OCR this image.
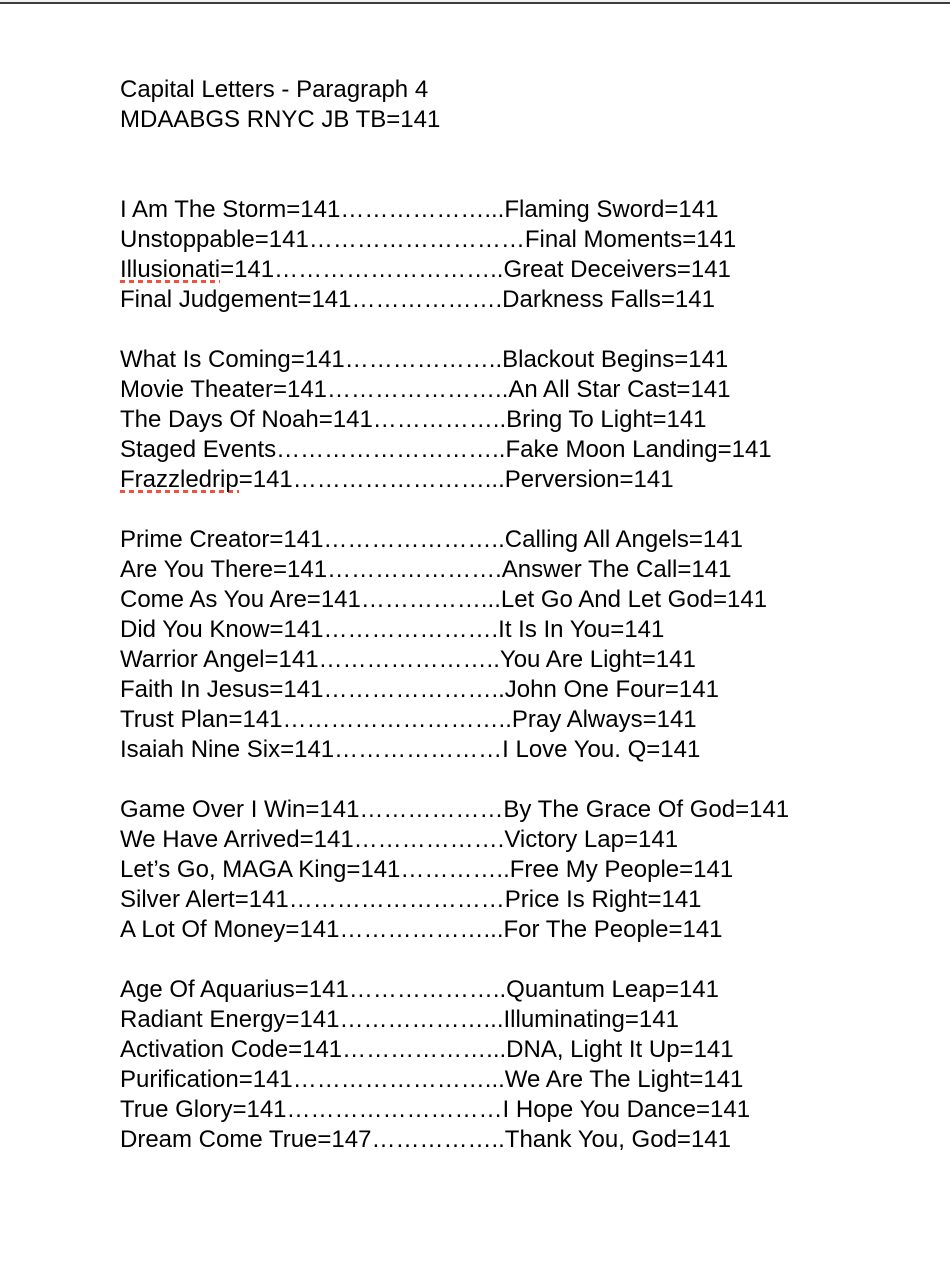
Capital Letters - Paragraph 4

MDAABGS RNYC JB TB=141

I Am The Storm=141………………...Flaming Sword=141

Unstoppable=141………………………Final Moments=141

Illusionati=141………………………..Great Deceivers=141

Final Judgement=141……………….Darkness Falls=141

What Is Coming=141………………..Blackout Begins=141

Movie Theater=141…………………..An All Star Cast=141

The Days Of Noah=141……………..Bring To Light=141

Staged Events………………………..Fake Moon Landing=141

Frazzledrip=141……………………...Perversion=141

Prime Creator=141…………………..Calling All Angels=141

Are You There=141………………….Answer The Call=141

Come As You Are=141……………...Let Go And Let God=141

Did You Know=141………………….It Is In You=141

Warrior Angel=141…………………..You Are Light=141

Faith In Jesus=141…………………..John One Four=141

Trust Plan=141………………………..Pray Always=141

Isaiah Nine Six=141…………………I Love You. Q=141

Game Over I Win=141………………By The Grace Of God=141

We Have Arrived=141……………….Victory Lap=141

Let’s Go, MAGA King=141…………..Free My People=141

Silver Alert=141………………………Price Is Right=141

A Lot Of Money=141………………...For The People=141

Age Of Aquarius=141………………..Quantum Leap=141

Radiant Energy=141………………...Illuminating=141

Activation Code=141………………...DNA, Light It Up=141

Purification=141……………………...We Are The Light=141

True Glory=141………………………I Hope You Dance=141

Dream Come True=147……………..Thank You, God=141
